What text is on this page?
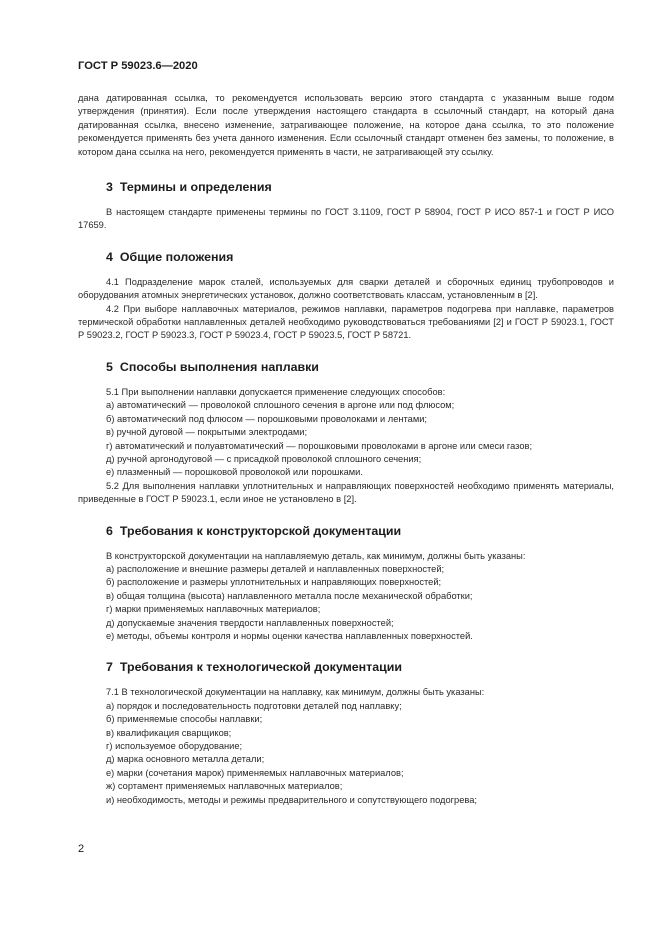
ГОСТ Р 59023.6—2020

дана датированная ссылка, то рекомендуется использовать версию этого стандарта с указанным выше годом утверждения (принятия). Если после утверждения настоящего стандарта в ссылочный стандарт, на который дана датированная ссылка, внесено изменение, затрагивающее положение, на которое дана ссылка, то это положение рекомендуется применять без учета данного изменения. Если ссылочный стандарт отменен без замены, то положение, в котором дана ссылка на него, рекомендуется применять в части, не затрагивающей эту ссылку.

3 Термины и определения

В настоящем стандарте применены термины по ГОСТ 3.1109, ГОСТ Р 58904, ГОСТ Р ИСО 857-1 и ГОСТ Р ИСО 17659.

4 Общие положения

4.1 Подразделение марок сталей, используемых для сварки деталей и сборочных единиц трубопроводов и оборудования атомных энергетических установок, должно соответствовать классам, установленным в [2].

4.2 При выборе наплавочных материалов, режимов наплавки, параметров подогрева при наплавке, параметров термической обработки наплавленных деталей необходимо руководствоваться требованиями [2] и ГОСТ Р 59023.1, ГОСТ Р 59023.2, ГОСТ Р 59023.3, ГОСТ Р 59023.4, ГОСТ Р 59023.5, ГОСТ Р 58721.

5 Способы выполнения наплавки

5.1 При выполнении наплавки допускается применение следующих способов:

а) автоматический — проволокой сплошного сечения в аргоне или под флюсом;

б) автоматический под флюсом — порошковыми проволоками и лентами;

в) ручной дуговой — покрытыми электродами;

г) автоматический и полуавтоматический — порошковыми проволоками в аргоне или смеси газов;

д) ручной аргонодуговой — с присадкой проволокой сплошного сечения;

е) плазменный — порошковой проволокой или порошками.

5.2 Для выполнения наплавки уплотнительных и направляющих поверхностей необходимо применять материалы, приведенные в ГОСТ Р 59023.1, если иное не установлено в [2].

6 Требования к конструкторской документации

В конструкторской документации на наплавляемую деталь, как минимум, должны быть указаны:

а) расположение и внешние размеры деталей и наплавленных поверхностей;

б) расположение и размеры уплотнительных и направляющих поверхностей;

в) общая толщина (высота) наплавленного металла после механической обработки;

г) марки применяемых наплавочных материалов;

д) допускаемые значения твердости наплавленных поверхностей;

е) методы, объемы контроля и нормы оценки качества наплавленных поверхностей.

7 Требования к технологической документации

7.1 В технологической документации на наплавку, как минимум, должны быть указаны:

а) порядок и последовательность подготовки деталей под наплавку;

б) применяемые способы наплавки;

в) квалификация сварщиков;

г) используемое оборудование;

д) марка основного металла детали;

е) марки (сочетания марок) применяемых наплавочных материалов;

ж) сортамент применяемых наплавочных материалов;

и) необходимость, методы и режимы предварительного и сопутствующего подогрева;

2
